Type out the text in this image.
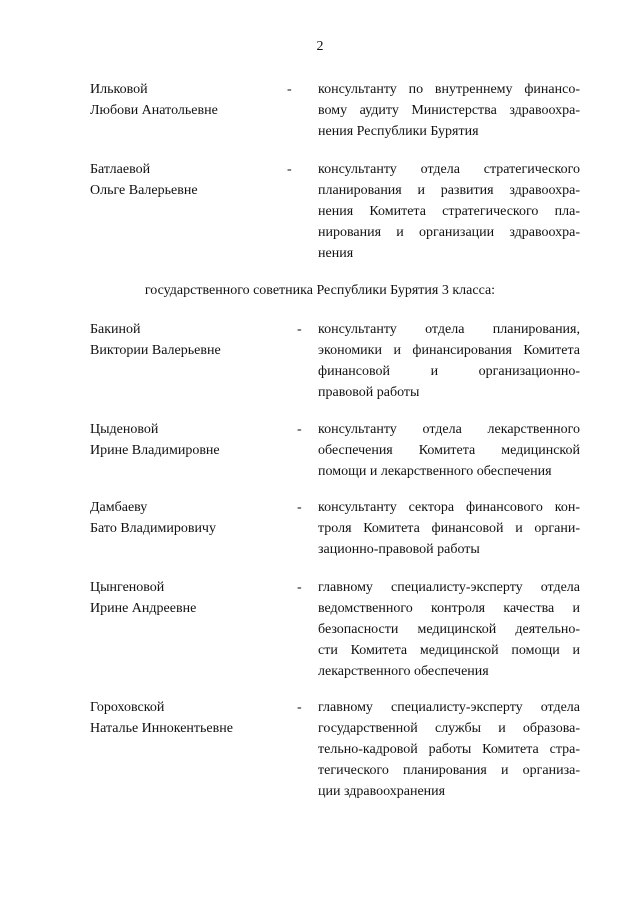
2
Ильковой
Любови Анатольевне
- консультанту по внутреннему финансо-
вому аудиту Министерства здравоохра-
нения Республики Бурятия
Батлаевой
Ольге Валерьевне
- консультанту отдела стратегического
планирования и развития здравоохра-
нения Комитета стратегического пла-
нирования и организации здравоохра-
нения
государственного советника Республики Бурятия 3 класса:
Бакиной
Виктории Валерьевне
- консультанту отдела планирования,
экономики и финансирования Комитета
финансовой и организационно-
правовой работы
Цыденовой
Ирине Владимировне
- консультанту отдела лекарственного
обеспечения Комитета медицинской
помощи и лекарственного обеспечения
Дамбаеву
Бато Владимировичу
- консультанту сектора финансового кон-
троля Комитета финансовой и органи-
зационно-правовой работы
Цынгеновой
Ирине Андреевне
- главному специалисту-эксперту отдела
ведомственного контроля качества и
безопасности медицинской деятельно-
сти Комитета медицинской помощи и
лекарственного обеспечения
Гороховской
Наталье Иннокентьевне
- главному специалисту-эксперту отдела
государственной службы и образова-
тельно-кадровой работы Комитета стра-
тегического планирования и организа-
ции здравоохранения
